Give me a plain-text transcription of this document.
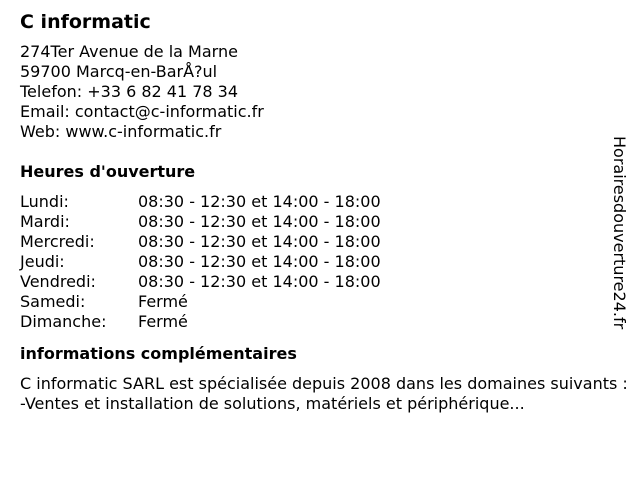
C informatic
274Ter Avenue de la Marne
59700 Marcq-en-BarÅ?ul
Telefon: +33 6 82 41 78 34
Email: contact@c-informatic.fr
Web: www.c-informatic.fr
Heures d'ouverture
Lundi:	08:30 - 12:30 et 14:00 - 18:00
Mardi:	08:30 - 12:30 et 14:00 - 18:00
Mercredi:	08:30 - 12:30 et 14:00 - 18:00
Jeudi:	08:30 - 12:30 et 14:00 - 18:00
Vendredi:	08:30 - 12:30 et 14:00 - 18:00
Samedi:	Fermé
Dimanche:	Fermé
informations complémentaires
C informatic SARL est spécialisée depuis 2008 dans les domaines suivants : -Ventes et installation de solutions, matériels et périphérique...
Horairesdouverture24.fr
